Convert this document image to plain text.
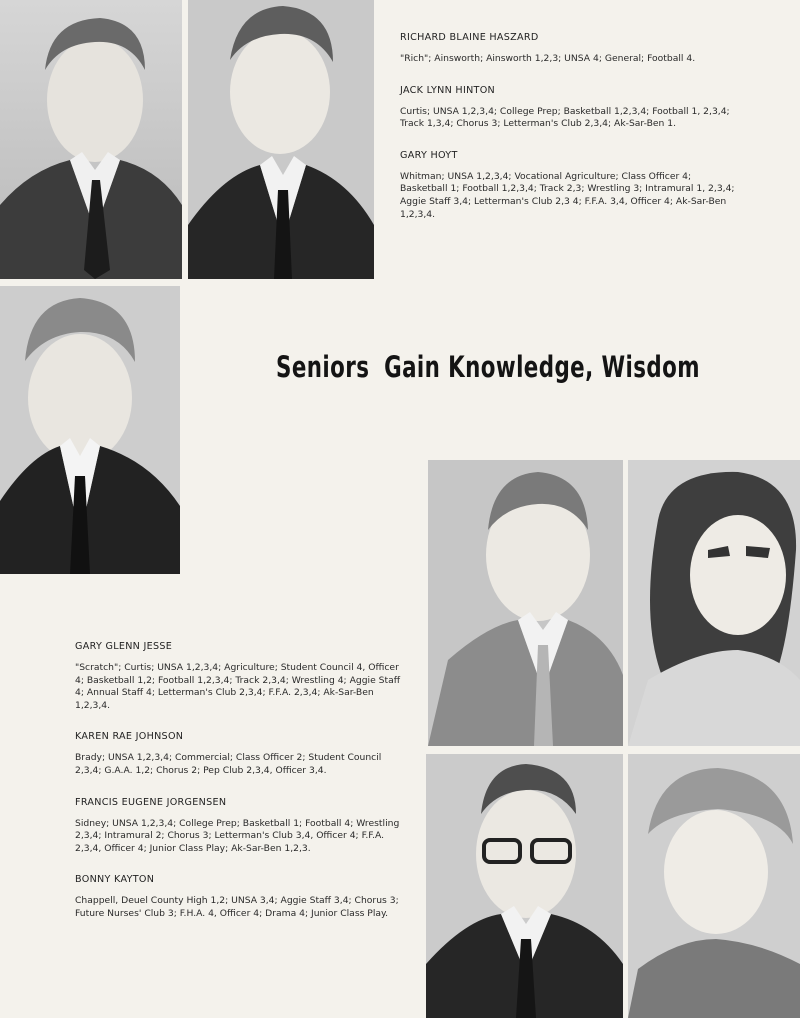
Seniors Gain Knowledge, Wisdom

RICHARD BLAINE HASZARD

"Rich"; Ainsworth; Ainsworth 1,2,3; UNSA 4; General; Football 4.

JACK LYNN HINTON

Curtis; UNSA 1,2,3,4; College Prep; Basketball 1,2,3,4; Football 1, 2,3,4; Track 1,3,4; Chorus 3; Letterman's Club 2,3,4; Ak-Sar-Ben 1.

GARY HOYT

Whitman; UNSA 1,2,3,4; Vocational Agriculture; Class Officer 4; Basketball 1; Football 1,2,3,4; Track 2,3; Wrestling 3; Intramural 1, 2,3,4; Aggie Staff 3,4; Letterman's Club 2,3 4; F.F.A. 3,4, Officer 4; Ak-Sar-Ben 1,2,3,4.

GARY GLENN JESSE

"Scratch"; Curtis; UNSA 1,2,3,4; Agriculture; Student Council 4, Officer 4; Basketball 1,2; Football 1,2,3,4; Track 2,3,4; Wrestling 4; Aggie Staff 4; Annual Staff 4; Letterman's Club 2,3,4; F.F.A. 2,3,4; Ak-Sar-Ben 1,2,3,4.

KAREN RAE JOHNSON

Brady; UNSA 1,2,3,4; Commercial; Class Officer 2; Student Council 2,3,4; G.A.A. 1,2; Chorus 2; Pep Club 2,3,4, Officer 3,4.

FRANCIS EUGENE JORGENSEN

Sidney; UNSA 1,2,3,4; College Prep; Basketball 1; Football 4; Wrestling 2,3,4; Intramural 2; Chorus 3; Letterman's Club 3,4, Officer 4; F.F.A. 2,3,4, Officer 4; Junior Class Play; Ak-Sar-Ben 1,2,3.

BONNY KAYTON

Chappell, Deuel County High 1,2; UNSA 3,4; Aggie Staff 3,4; Chorus 3; Future Nurses' Club 3; F.H.A. 4, Officer 4; Drama 4; Junior Class Play.
